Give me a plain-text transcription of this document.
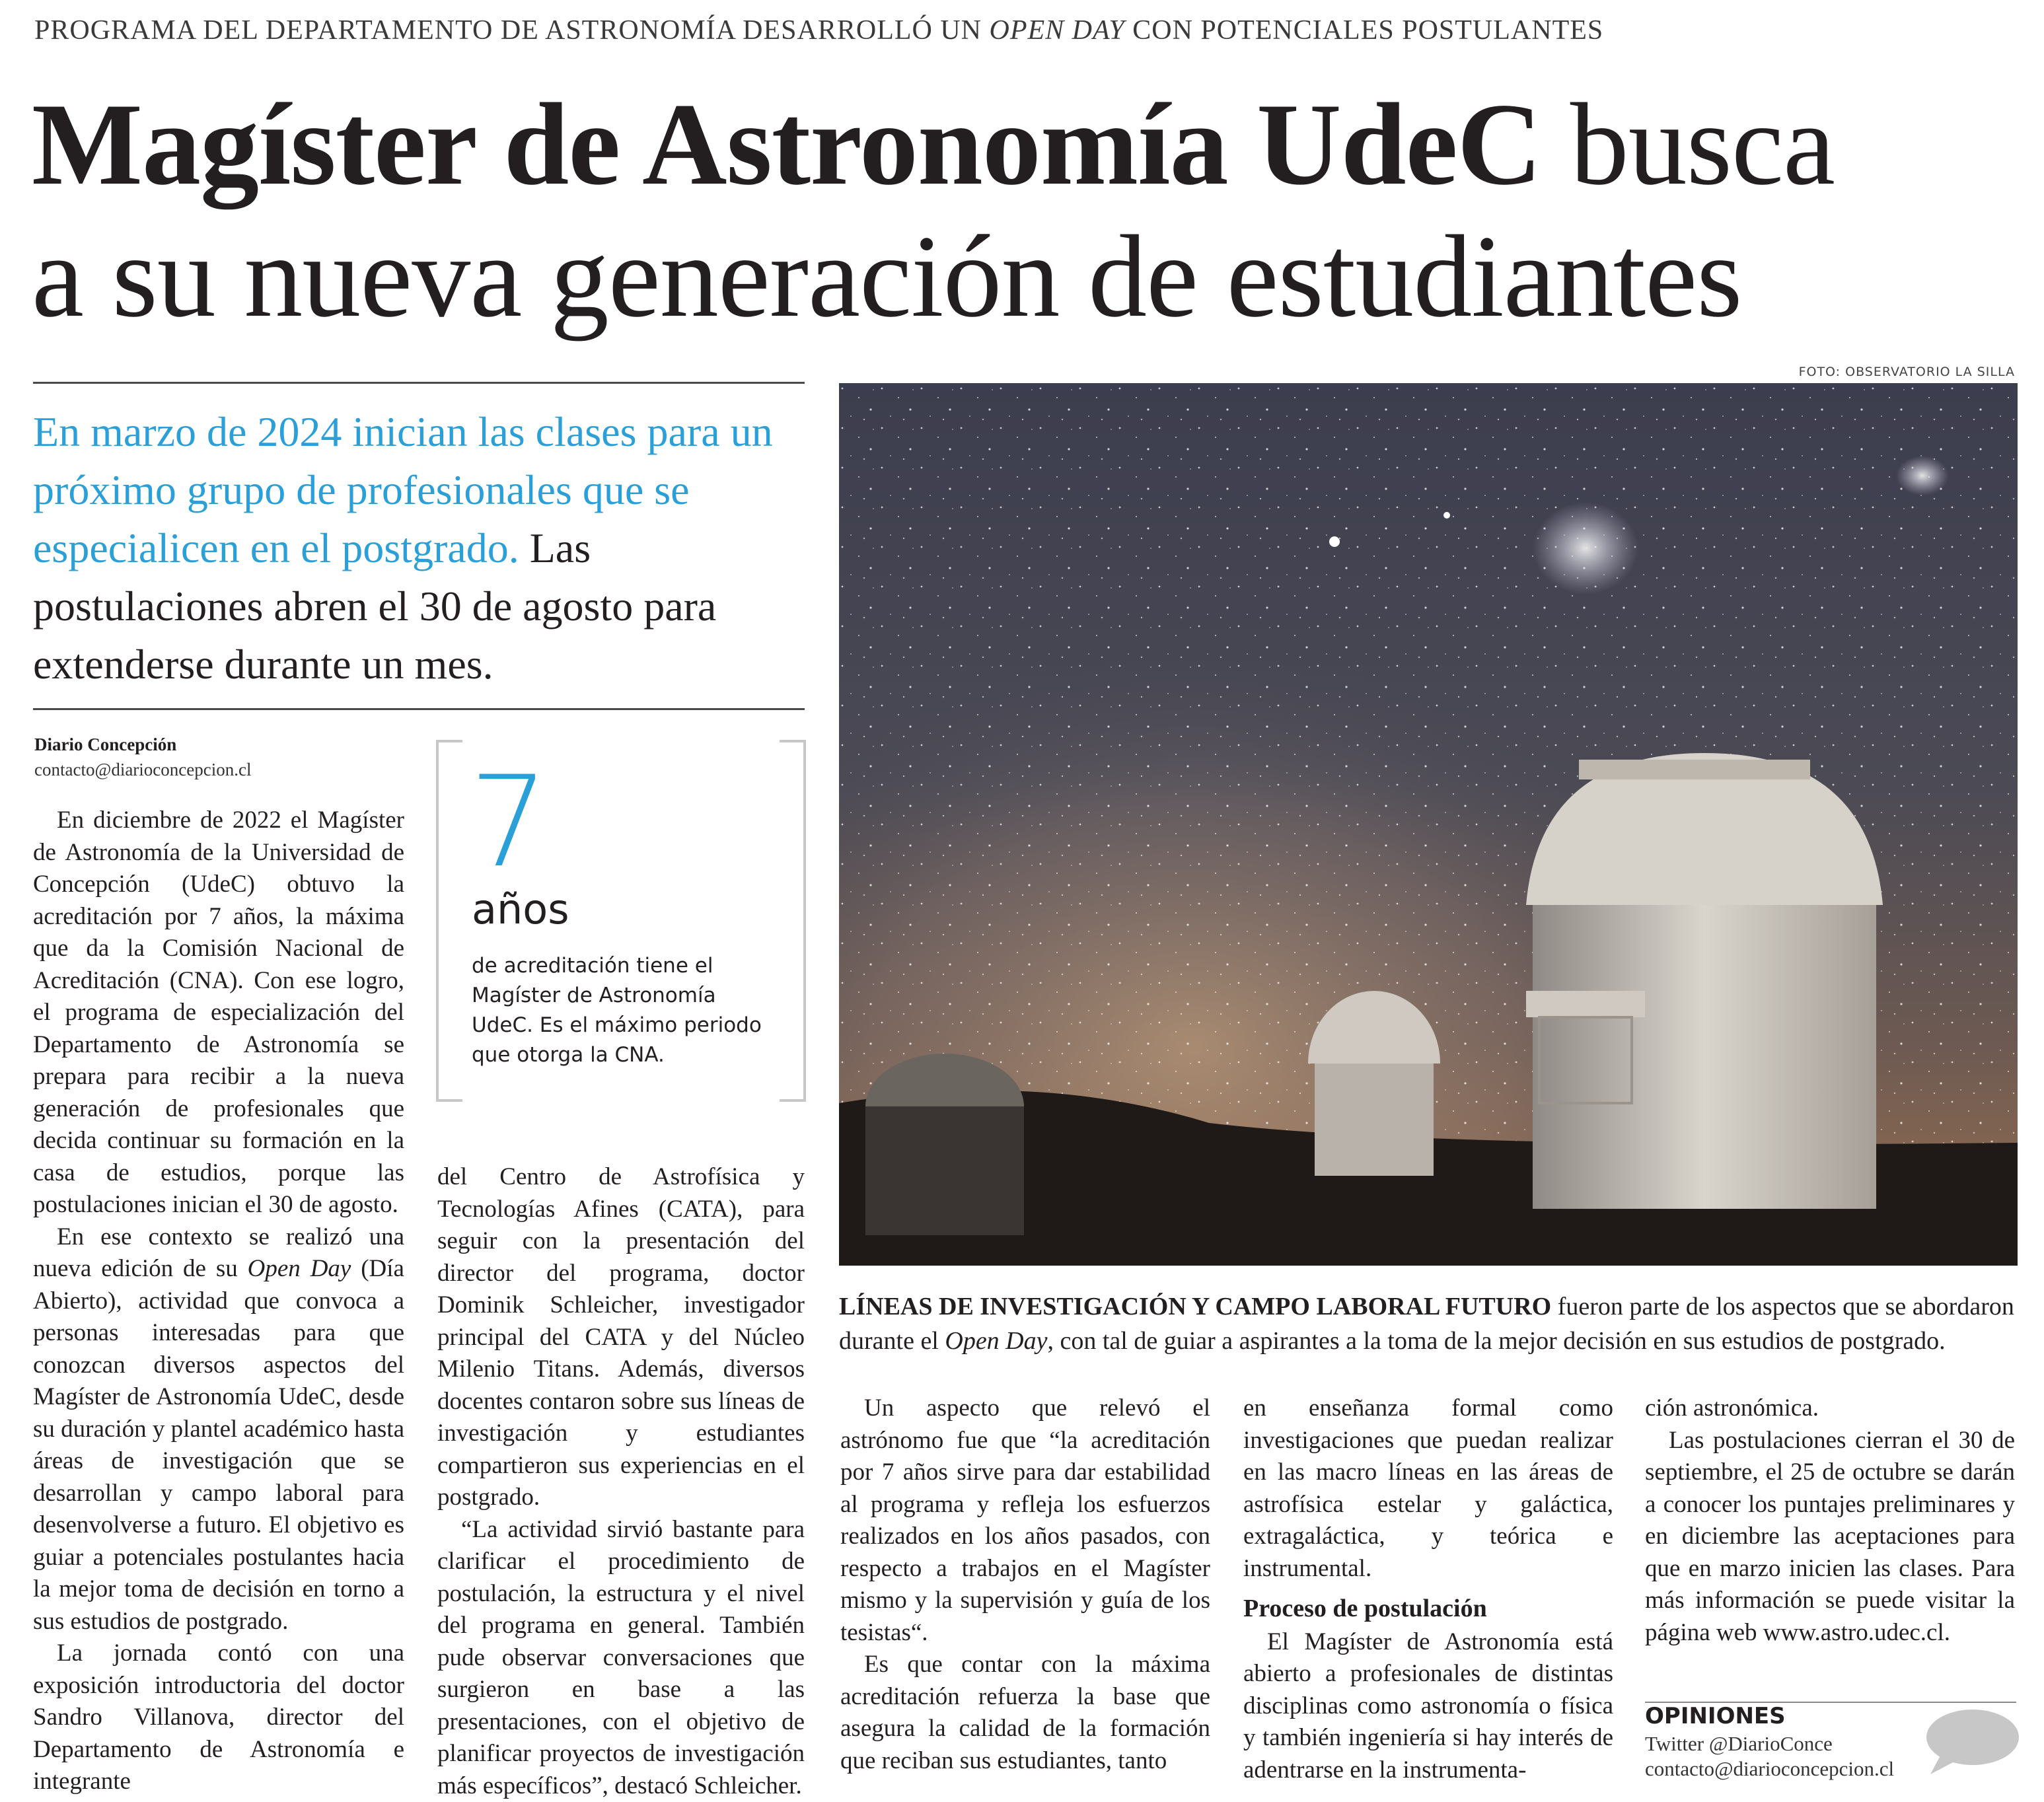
PROGRAMA DEL DEPARTAMENTO DE ASTRONOMÍA DESARROLLÓ UN OPEN DAY CON POTENCIALES POSTULANTES
Magíster de Astronomía UdeC busca
a su nueva generación de estudiantes
En marzo de 2024 inician las clases para un próximo grupo de profesionales que se especialicen en el postgrado. Las postulaciones abren el 30 de agosto para extenderse durante un mes.
Diario Concepción
contacto@diarioconcepcion.cl

En diciembre de 2022 el Magíster de Astronomía de la Universidad de Concepción (UdeC) obtuvo la acreditación por 7 años, la máxima que da la Comisión Nacional de Acreditación (CNA). Con ese logro, el programa de especialización del Departamento de Astronomía se prepara para recibir a la nueva generación de profesionales que decida continuar su formación en la casa de estudios, porque las postulaciones inician el 30 de agosto.

En ese contexto se realizó una nueva edición de su Open Day (Día Abierto), actividad que convoca a personas interesadas para que conozcan diversos aspectos del Magíster de Astronomía UdeC, desde su duración y plantel académico hasta áreas de investigación que se desarrollan y campo laboral para desenvolverse a futuro. El objetivo es guiar a potenciales postulantes hacia la mejor toma de decisión en torno a sus estudios de postgrado.

La jornada contó con una exposición introductoria del doctor Sandro Villanova, director del Departamento de Astronomía e integrante

7
años
de acreditación tiene el Magíster de Astronomía UdeC. Es el máximo periodo que otorga la CNA.

del Centro de Astrofísica y Tecnologías Afines (CATA), para seguir con la presentación del director del programa, doctor Dominik Schleicher, investigador principal del CATA y del Núcleo Milenio Titans. Además, diversos docentes contaron sobre sus líneas de investigación y estudiantes compartieron sus experiencias en el postgrado.

“La actividad sirvió bastante para clarificar el procedimiento de postulación, la estructura y el nivel del programa en general. También pude observar conversaciones que surgieron en base a las presentaciones, con el objetivo de planificar proyectos de investigación más específicos”, destacó Schleicher.

FOTO: OBSERVATORIO LA SILLA
LÍNEAS DE INVESTIGACIÓN Y CAMPO LABORAL FUTURO fueron parte de los aspectos que se abordaron durante el Open Day, con tal de guiar a aspirantes a la toma de la mejor decisión en sus estudios de postgrado.

Un aspecto que relevó el astrónomo fue que “la acreditación por 7 años sirve para dar estabilidad al programa y refleja los esfuerzos realizados en los años pasados, con respecto a trabajos en el Magíster mismo y la supervisión y guía de los tesistas“.

Es que contar con la máxima acreditación refuerza la base que asegura la calidad de la formación que reciban sus estudiantes, tanto

en enseñanza formal como investigaciones que puedan realizar en las macro líneas en las áreas de astrofísica estelar y galáctica, extragaláctica, y teórica e instrumental.

Proceso de postulación

El Magíster de Astronomía está abierto a profesionales de distintas disciplinas como astronomía o física y también ingeniería si hay interés de adentrarse en la instrumenta-

ción astronómica.

Las postulaciones cierran el 30 de septiembre, el 25 de octubre se darán a conocer los puntajes preliminares y en diciembre las aceptaciones para que en marzo inicien las clases. Para más información se puede visitar la página web www.astro.udec.cl.

OPINIONES
Twitter @DiarioConce
contacto@diarioconcepcion.cl
